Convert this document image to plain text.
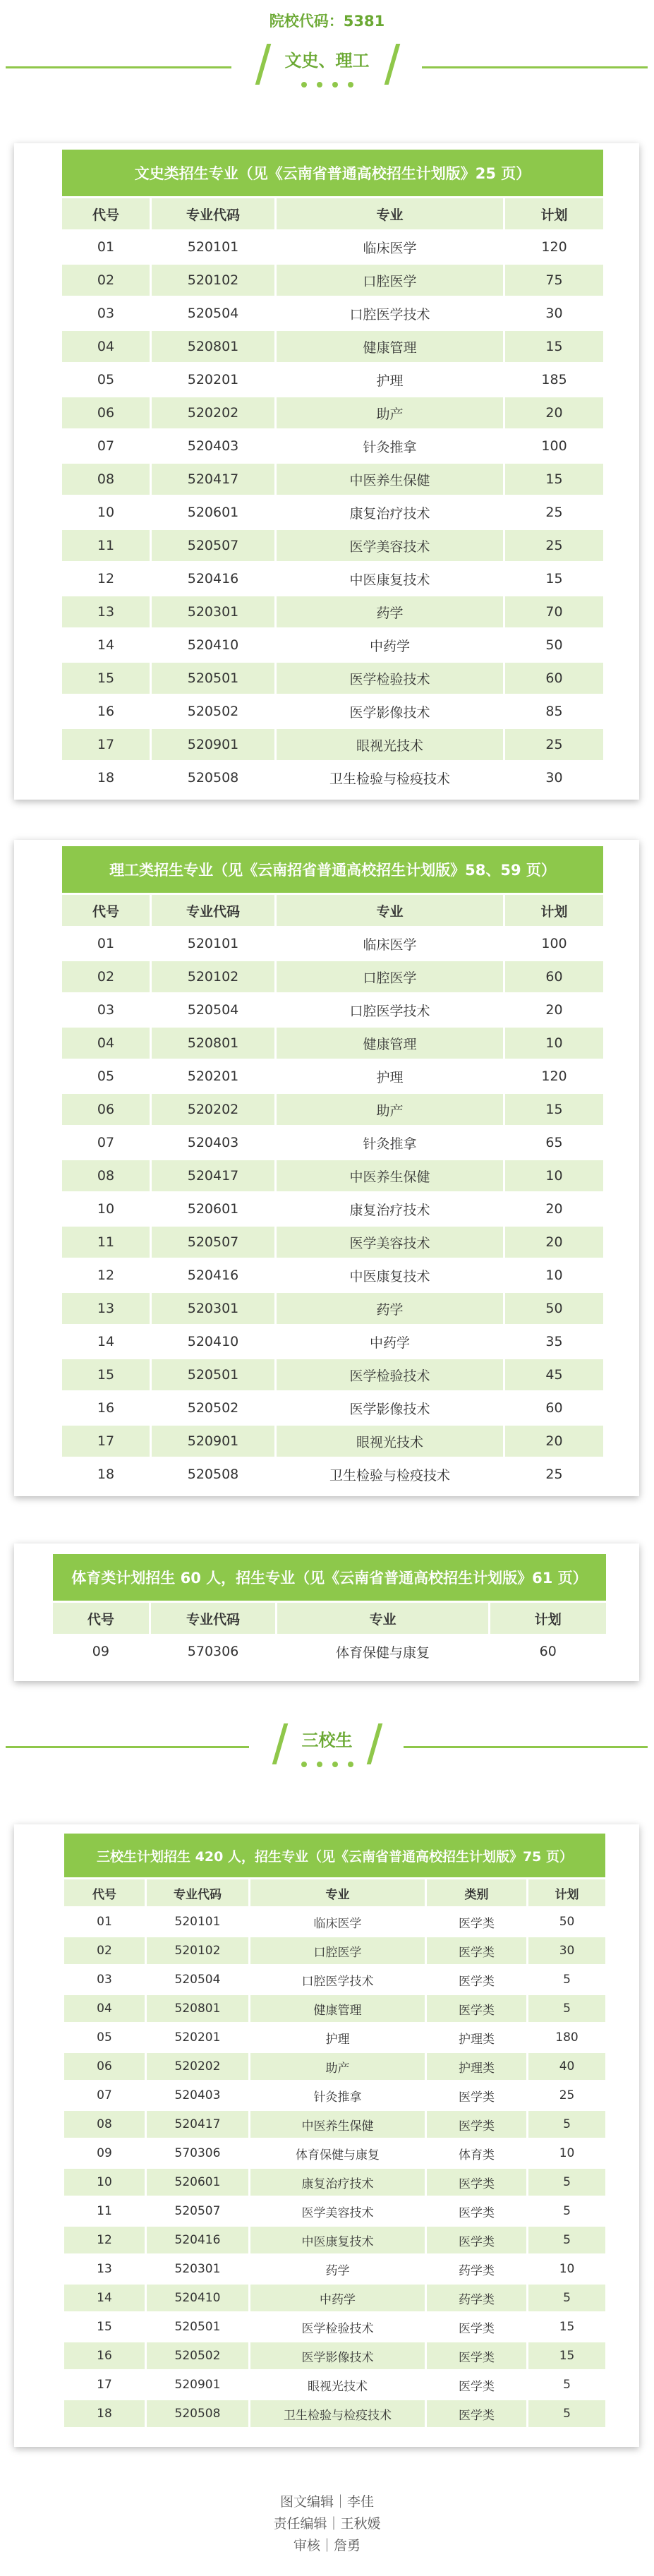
院校代码：5381
文史、理工
文史类招生专业（见《云南省普通高校招生计划版》25 页）			
代号	专业代码	专业	计划
01	520101	临床医学	120
02	520102	口腔医学	75
03	520504	口腔医学技术	30
04	520801	健康管理	15
05	520201	护理	185
06	520202	助产	20
07	520403	针灸推拿	100
08	520417	中医养生保健	15
10	520601	康复治疗技术	25
11	520507	医学美容技术	25
12	520416	中医康复技术	15
13	520301	药学	70
14	520410	中药学	50
15	520501	医学检验技术	60
16	520502	医学影像技术	85
17	520901	眼视光技术	25
18	520508	卫生检验与检疫技术	30
理工类招生专业（见《云南招省普通高校招生计划版》58、59 页）			
代号	专业代码	专业	计划
01	520101	临床医学	100
02	520102	口腔医学	60
03	520504	口腔医学技术	20
04	520801	健康管理	10
05	520201	护理	120
06	520202	助产	15
07	520403	针灸推拿	65
08	520417	中医养生保健	10
10	520601	康复治疗技术	20
11	520507	医学美容技术	20
12	520416	中医康复技术	10
13	520301	药学	50
14	520410	中药学	35
15	520501	医学检验技术	45
16	520502	医学影像技术	60
17	520901	眼视光技术	20
18	520508	卫生检验与检疫技术	25
体育类计划招生 60 人，招生专业（见《云南省普通高校招生计划版》61 页）			
代号	专业代码	专业	计划
09	570306	体育保健与康复	60
三校生
三校生计划招生 420 人，招生专业（见《云南省普通高校招生计划版》75 页）				
代号	专业代码	专业	类别	计划
01	520101	临床医学	医学类	50
02	520102	口腔医学	医学类	30
03	520504	口腔医学技术	医学类	5
04	520801	健康管理	医学类	5
05	520201	护理	护理类	180
06	520202	助产	护理类	40
07	520403	针灸推拿	医学类	25
08	520417	中医养生保健	医学类	5
09	570306	体育保健与康复	体育类	10
10	520601	康复治疗技术	医学类	5
11	520507	医学美容技术	医学类	5
12	520416	中医康复技术	医学类	5
13	520301	药学	药学类	10
14	520410	中药学	药学类	5
15	520501	医学检验技术	医学类	15
16	520502	医学影像技术	医学类	15
17	520901	眼视光技术	医学类	5
18	520508	卫生检验与检疫技术	医学类	5
图文编辑｜李佳
责任编辑｜王秋媛
审核｜詹勇
